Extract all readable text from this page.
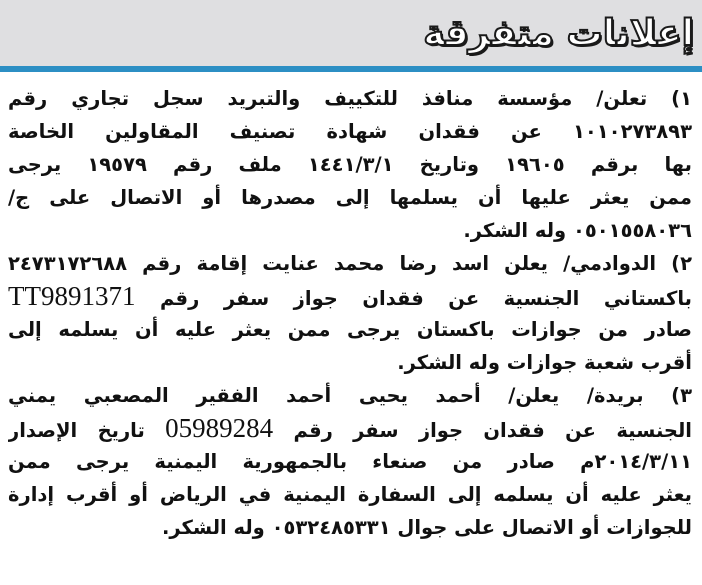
إعلانات متفرقة
١) تعلن/ مؤسسة منافذ للتكييف والتبريد سجل تجاري رقم
١٠١٠٢٧٣٨٩٣ عن فقدان شهادة تصنيف المقاولين الخاصة
بها برقم ١٩٦٠٥ وتاريخ ١٤٤١/٣/١ ملف رقم ١٩٥٧٩ يرجى
ممن يعثر عليها أن يسلمها إلى مصدرها أو الاتصال على ج/
٠٥٠١٥٥٨٠٣٦ وله الشكر.
٢) الدوادمي/ يعلن اسد رضا محمد عنايت إقامة رقم ٢٤٧٣١٧٢٦٨٨
باكستاني الجنسية عن فقدان جواز سفر رقم TT9891371
صادر من جوازات باكستان يرجى ممن يعثر عليه أن يسلمه إلى
أقرب شعبة جوازات وله الشكر.
٣) بريدة/ يعلن/ أحمد يحيى أحمد الفقير المصعبي يمني
الجنسية عن فقدان جواز سفر رقم 05989284 تاريخ الإصدار
٢٠١٤/٣/١١م صادر من صنعاء بالجمهورية اليمنية يرجى ممن
يعثر عليه أن يسلمه إلى السفارة اليمنية في الرياض أو أقرب إدارة
للجوازات أو الاتصال على جوال ٠٥٣٢٤٨٥٣٣١ وله الشكر.
